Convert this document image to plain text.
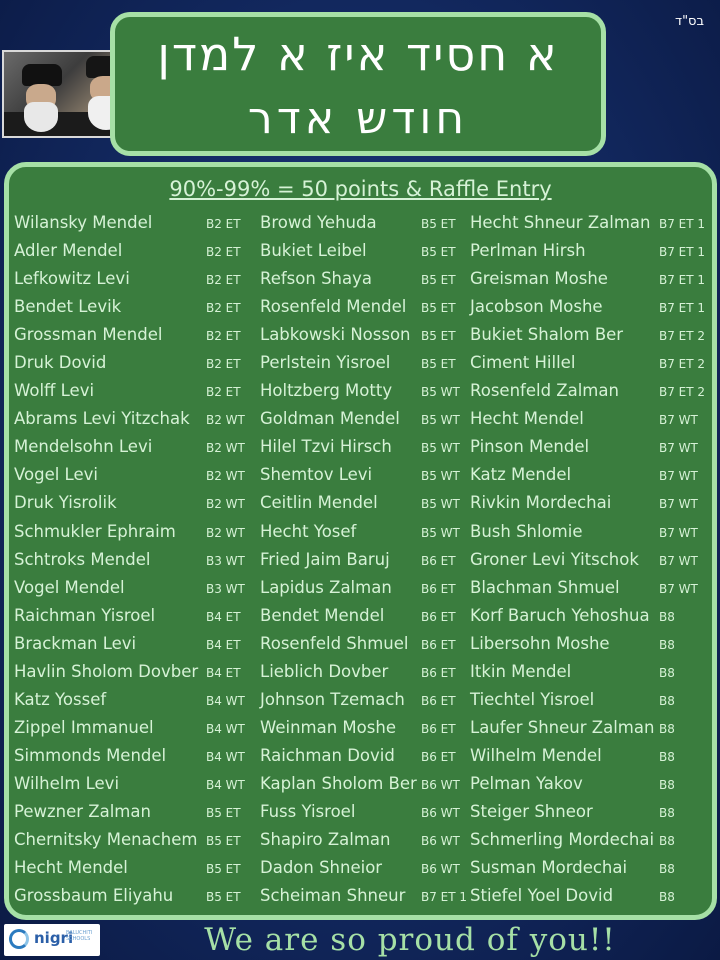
בס"ד
א חסיד איז א למדן
חודש אדר
90%-99% = 50 points & Raffle Entry
Wilansky Mendel	B2 ET
Adler Mendel	B2 ET
Lefkowitz Levi	B2 ET
Bendet Levik	B2 ET
Grossman Mendel	B2 ET
Druk Dovid	B2 ET
Wolff Levi	B2 ET
Abrams Levi Yitzchak B2 WT
Mendelsohn Levi	B2 WT
Vogel Levi	B2 WT
Druk Yisrolik	B2 WT
Schmukler Ephraim	B2 WT
Schtroks Mendel	B3 WT
Vogel Mendel	B3 WT
Raichman Yisroel	B4 ET
Brackman Levi	B4 ET
Havlin Sholom Dovber B4 ET
Katz Yossef	B4 WT
Zippel Immanuel	B4 WT
Simmonds Mendel	B4 WT
Wilhelm Levi	B4 WT
Pewzner Zalman	B5 ET
Chernitsky Menachem B5 ET
Hecht Mendel	B5 ET
Grossbaum Eliyahu	B5 ET
Browd Yehuda	B5 ET
Bukiet Leibel	B5 ET
Refson Shaya	B5 ET
Rosenfeld Mendel B5 ET
Labkowski Nosson B5 ET
Perlstein Yisroel	B5 ET
Holtzberg Motty B5 WT
Goldman Mendel B5 WT
Hilel Tzvi Hirsch B5 WT
Shemtov Levi	B5 WT
Ceitlin Mendel	B5 WT
Hecht Yosef	B5 WT
Fried Jaim Baruj	B6 ET
Lapidus Zalman B6 ET
Bendet Mendel	B6 ET
Rosenfeld Shmuel B6 ET
Lieblich Dovber	B6 ET
Johnson Tzemach B6 ET
Weinman Moshe B6 ET
Raichman Dovid B6 ET
Kaplan Sholom Ber B6 WT
Fuss Yisroel	B6 WT
Shapiro Zalman	B6 WT
Dadon Shneior	B6 WT
Scheiman Shneur B7 ET 1
Hecht Shneur Zalman B7 ET 1
Perlman Hirsh	B7 ET 1
Greisman Moshe	B7 ET 1
Jacobson Moshe	B7 ET 1
Bukiet Shalom Ber	B7 ET 2
Ciment Hillel	B7 ET 2
Rosenfeld Zalman	B7 ET 2
Hecht Mendel	B7 WT
Pinson Mendel	B7 WT
Katz Mendel	B7 WT
Rivkin Mordechai	B7 WT
Bush Shlomie	B7 WT
Groner Levi Yitschok B7 WT
Blachman Shmuel	B7 WT
Korf Baruch Yehoshua B8
Libersohn Moshe	B8
Itkin Mendel	B8
Tiechtel Yisroel	B8
Laufer Shneur Zalman B8
Wilhelm Mendel	B8
Pelman Yakov	B8
Steiger Shneor	B8
Schmerling Mordechai B8
Susman Mordechai	B8
Stiefel Yoel Dovid	B8
nigri
BALUCHITI SCHOOLS	We are so proud of you!!
